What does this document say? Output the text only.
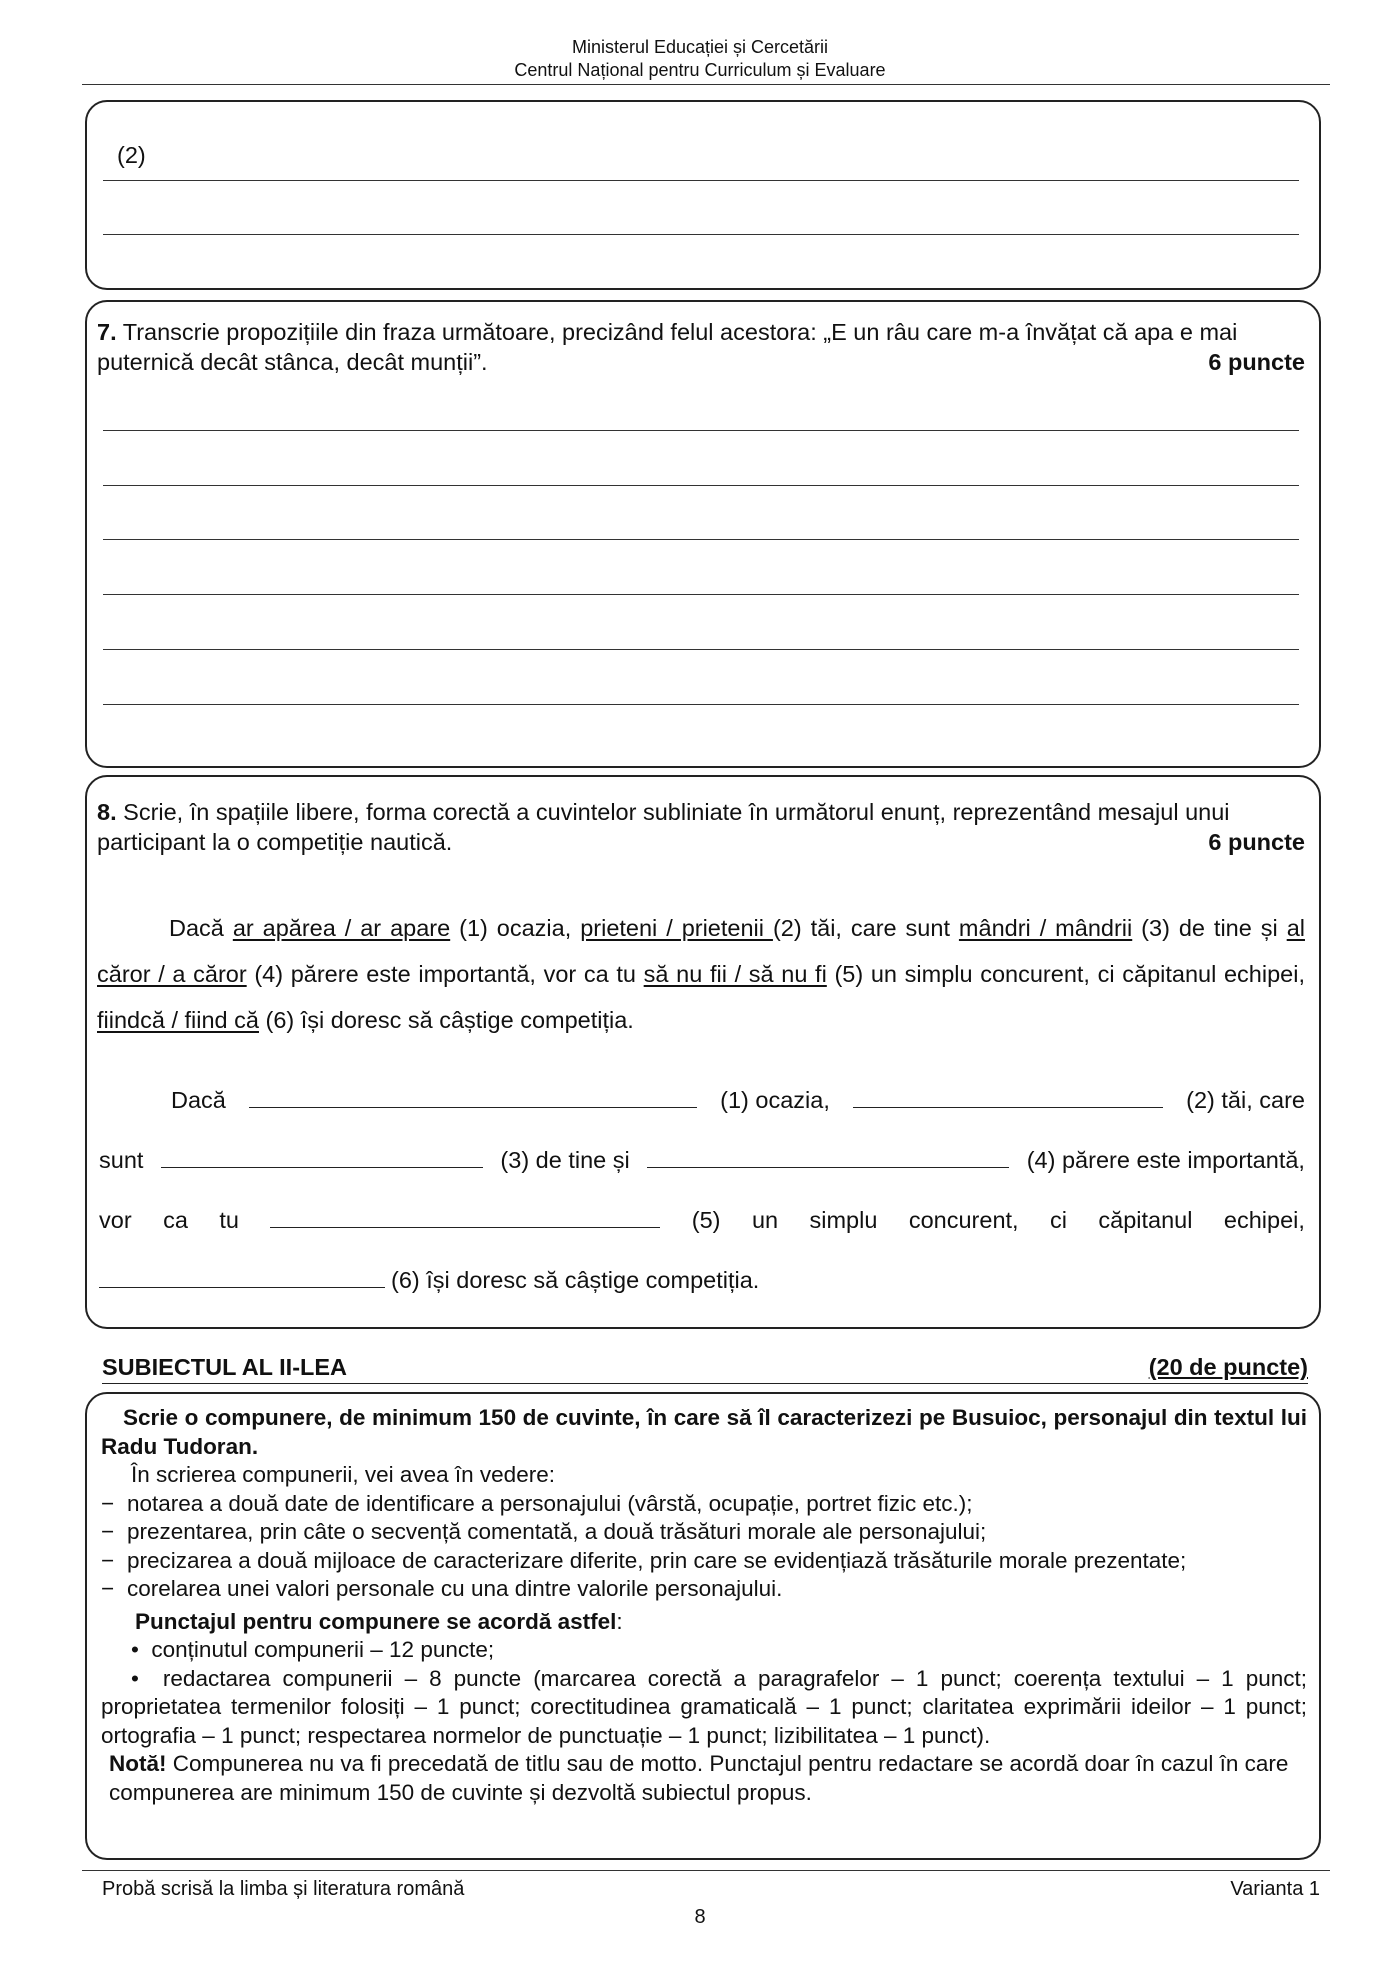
Ministerul Educației și Cercetării
Centrul Național pentru Curriculum și Evaluare
(2)
7. Transcrie propozițiile din fraza următoare, precizând felul acestora: „E un râu care m-a învățat că apa e mai puternică decât stânca, decât munții”.	6 puncte
8. Scrie, în spațiile libere, forma corectă a cuvintelor subliniate în următorul enunț, reprezentând mesajul unui participant la o competiție nautică.	6 puncte
Dacă ar apărea / ar apare (1) ocazia, prieteni / prietenii (2) tăi, care sunt mândri / mândrii (3) de tine și al căror / a căror (4) părere este importantă, vor ca tu să nu fii / să nu fi (5) un simplu concurent, ci căpitanul echipei, fiindcă / fiind că (6) își doresc să câștige competiția.
Dacă	(1) ocazia,	(2) tăi, care
sunt	(3) de tine și	(4) părere este importantă,
vor ca tu	(5) un simplu concurent, ci căpitanul echipei,
(6) își doresc să câștige competiția.
SUBIECTUL AL II-LEA	(20 de puncte)

Scrie o compunere, de minimum 150 de cuvinte, în care să îl caracterizezi pe Busuioc, personajul din textul lui Radu Tudoran.

În scrierea compunerii, vei avea în vedere:

− notarea a două date de identificare a personajului (vârstă, ocupație, portret fizic etc.);

− prezentarea, prin câte o secvență comentată, a două trăsături morale ale personajului;

− precizarea a două mijloace de caracterizare diferite, prin care se evidențiază trăsăturile morale prezentate;

− corelarea unei valori personale cu una dintre valorile personajului.

Punctajul pentru compunere se acordă astfel:

• conținutul compunerii – 12 puncte;

• redactarea compunerii – 8 puncte (marcarea corectă a paragrafelor – 1 punct; coerența textului – 1 punct; proprietatea termenilor folosiți – 1 punct; corectitudinea gramaticală – 1 punct; claritatea exprimării ideilor – 1 punct; ortografia – 1 punct; respectarea normelor de punctuație – 1 punct; lizibilitatea – 1 punct).

Notă! Compunerea nu va fi precedată de titlu sau de motto. Punctajul pentru redactare se acordă doar în cazul în care compunerea are minimum 150 de cuvinte și dezvoltă subiectul propus.

Probă scrisă la limba și literatura română	Varianta 1
8
